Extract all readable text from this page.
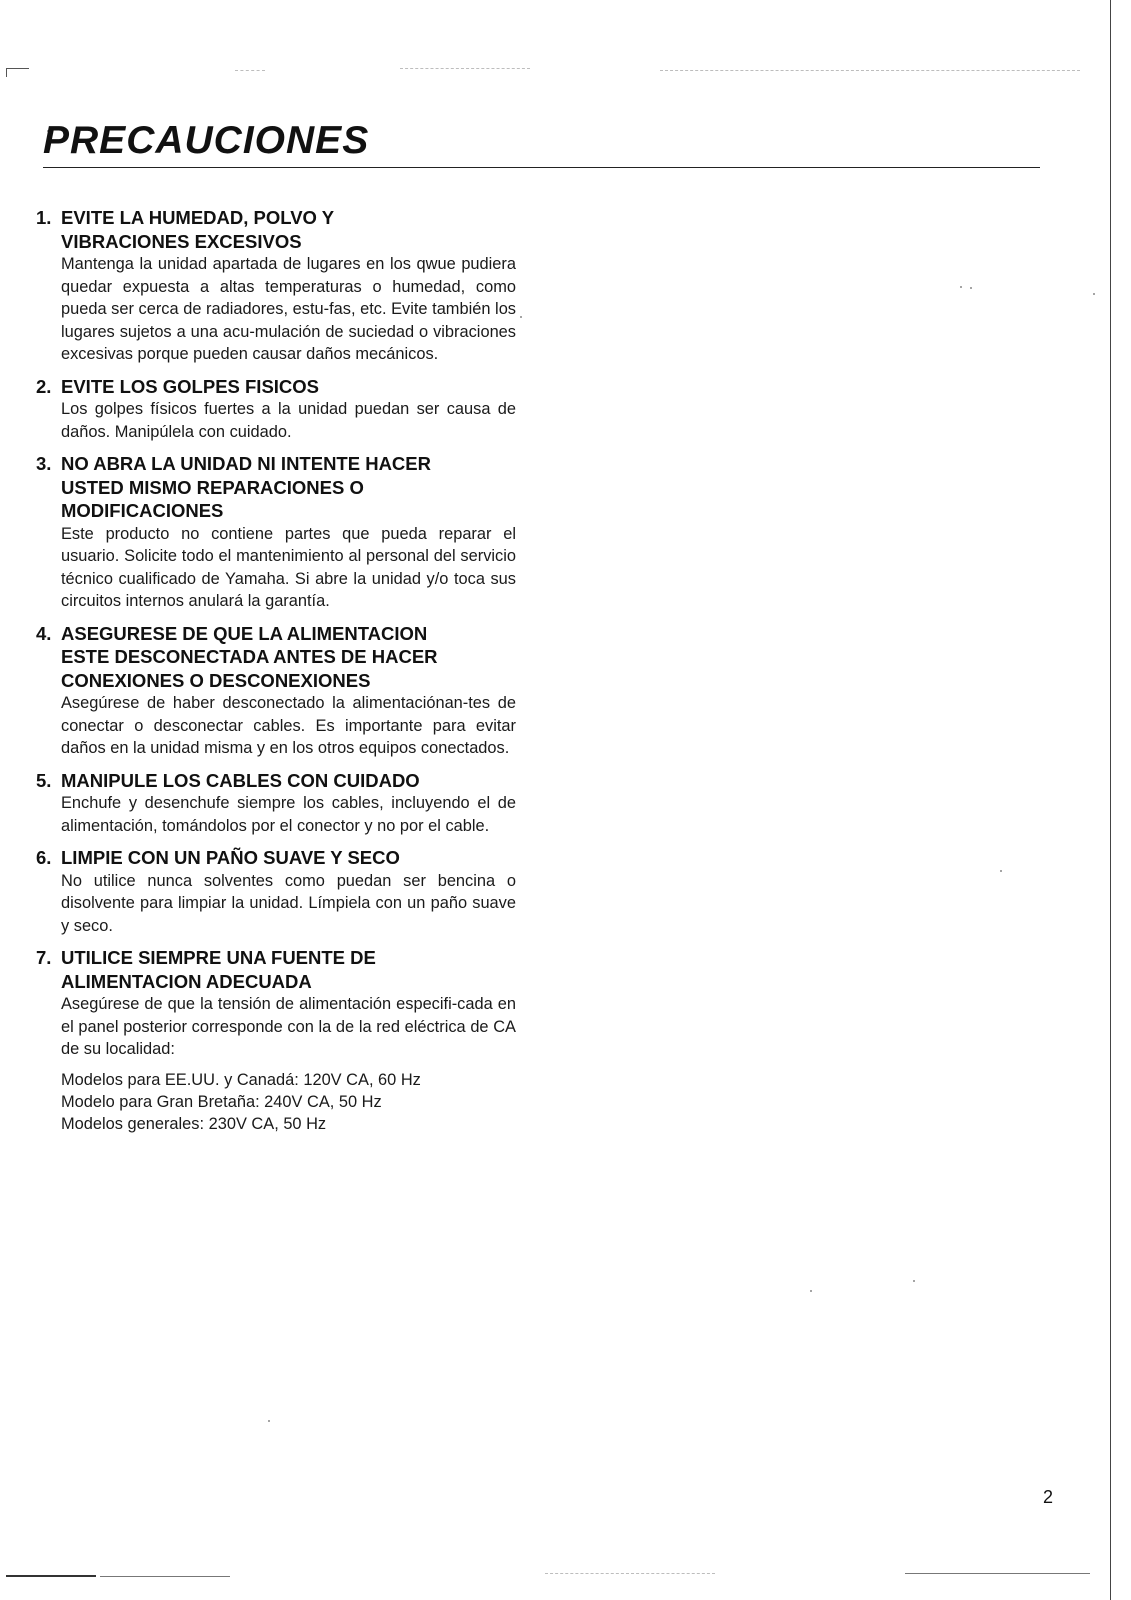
PRECAUCIONES
1. EVITE LA HUMEDAD, POLVO Y
VIBRACIONES EXCESIVOS

Mantenga la unidad apartada de lugares en los qwue pudiera quedar expuesta a altas temperaturas o humedad, como pueda ser cerca de radiadores, estu-fas, etc. Evite también los lugares sujetos a una acu-mulación de suciedad o vibraciones excesivas porque pueden causar daños mecánicos.

2. EVITE LOS GOLPES FISICOS

Los golpes físicos fuertes a la unidad puedan ser causa de daños. Manipúlela con cuidado.

3. NO ABRA LA UNIDAD NI INTENTE HACER
USTED MISMO REPARACIONES O
MODIFICACIONES

Este producto no contiene partes que pueda reparar el usuario. Solicite todo el mantenimiento al personal del servicio técnico cualificado de Yamaha. Si abre la unidad y/o toca sus circuitos internos anulará la garantía.

4. ASEGURESE DE QUE LA ALIMENTACION
ESTE DESCONECTADA ANTES DE HACER
CONEXIONES O DESCONEXIONES

Asegúrese de haber desconectado la alimentaciónan-tes de conectar o desconectar cables. Es importante para evitar daños en la unidad misma y en los otros equipos conectados.

5. MANIPULE LOS CABLES CON CUIDADO

Enchufe y desenchufe siempre los cables, incluyendo el de alimentación, tomándolos por el conector y no por el cable.

6. LIMPIE CON UN PAÑO SUAVE Y SECO

No utilice nunca solventes como puedan ser bencina o disolvente para limpiar la unidad. Límpiela con un paño suave y seco.

7. UTILICE SIEMPRE UNA FUENTE DE
ALIMENTACION ADECUADA

Asegúrese de que la tensión de alimentación especifi-cada en el panel posterior corresponde con la de la red eléctrica de CA de su localidad:

Modelos para EE.UU. y Canadá: 120V CA, 60 Hz
Modelo para Gran Bretaña: 240V CA, 50 Hz
Modelos generales: 230V CA, 50 Hz
2
